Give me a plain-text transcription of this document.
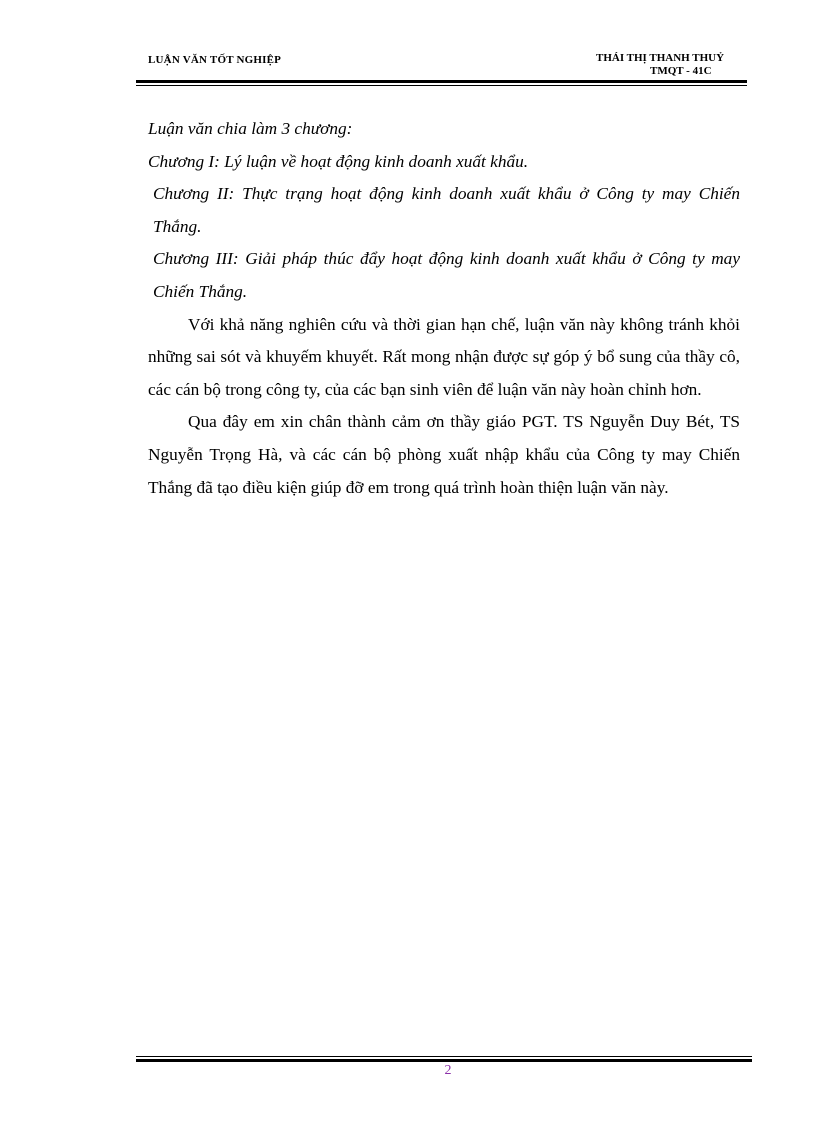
LUẬN VĂN TỐT NGHIỆP	THÁI THỊ THANH THUỶ
TMQT - 41C

Luận văn chia làm 3 chương:

Chương I: Lý luận về hoạt động kinh doanh xuất khẩu.

Chương II: Thực trạng hoạt động kinh doanh xuất khẩu ở Công ty may Chiến Thắng.

Chương III: Giải pháp thúc đẩy hoạt động kinh doanh xuất khẩu ở Công ty may Chiến Thắng.

Với khả năng nghiên cứu và thời gian hạn chế, luận văn này không tránh khỏi những sai sót và khuyếm khuyết. Rất mong nhận được sự góp ý bổ sung của thầy cô, các cán bộ trong công ty, của các bạn sinh viên để luận văn này hoàn chỉnh hơn.

Qua đây em xin chân thành cảm ơn thầy giáo PGT. TS Nguyễn Duy Bét, TS Nguyễn Trọng Hà, và các cán bộ phòng xuất nhập khẩu của Công ty may Chiến Thắng đã tạo điều kiện giúp đỡ em trong quá trình hoàn thiện luận văn này.

2
